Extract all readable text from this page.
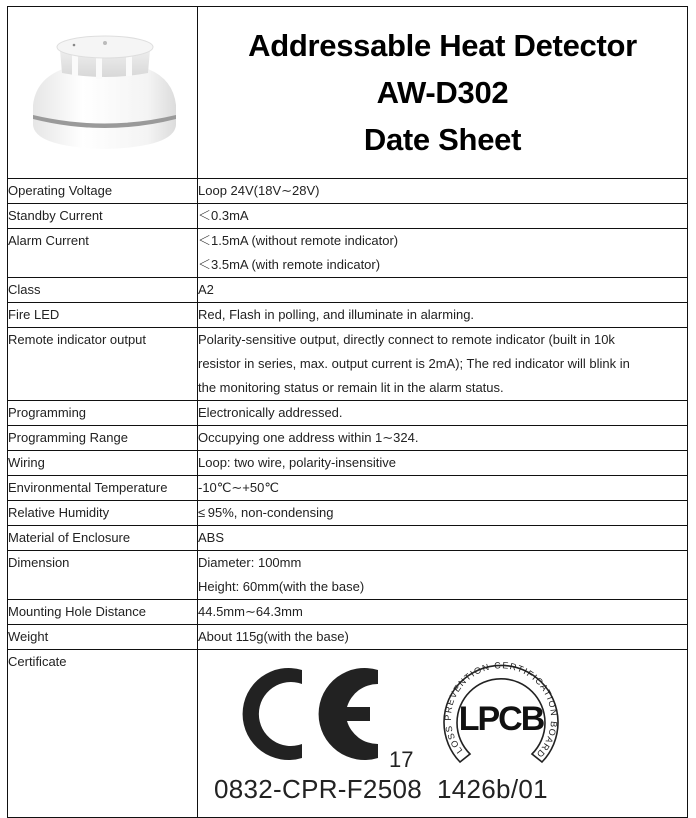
Addressable Heat Detector
AW-D302
Date Sheet

Operating Voltage	Loop 24V(18V∼28V)

Standby Current	＜0.3mA

Alarm Current	＜1.5mA (without remote indicator)
＜3.5mA (with remote indicator)

Class	A2

Fire LED	Red, Flash in polling, and illuminate in alarming.

Remote indicator output	Polarity-sensitive output, directly connect to remote indicator (built in 10k
resistor in series, max. output current is 2mA); The red indicator will blink in
the monitoring status or remain lit in the alarm status.

Programming	Electronically addressed.

Programming Range	Occupying one address within 1∼324.

Wiring	Loop: two wire, polarity-insensitive

Environmental Temperature	-10℃∼+50℃

Relative Humidity	≤ 95%, non-condensing

Material of Enclosure	ABS

Dimension	Diameter: 100mm
Height: 60mm(with the base)

Mounting Hole Distance	44.5mm∼64.3mm

Weight	About 115g(with the base)

Certificate	17 LOSS PREVENTION CERTIFICATION BOARD
LPCB
0832-CPR-F2508  1426b/01
